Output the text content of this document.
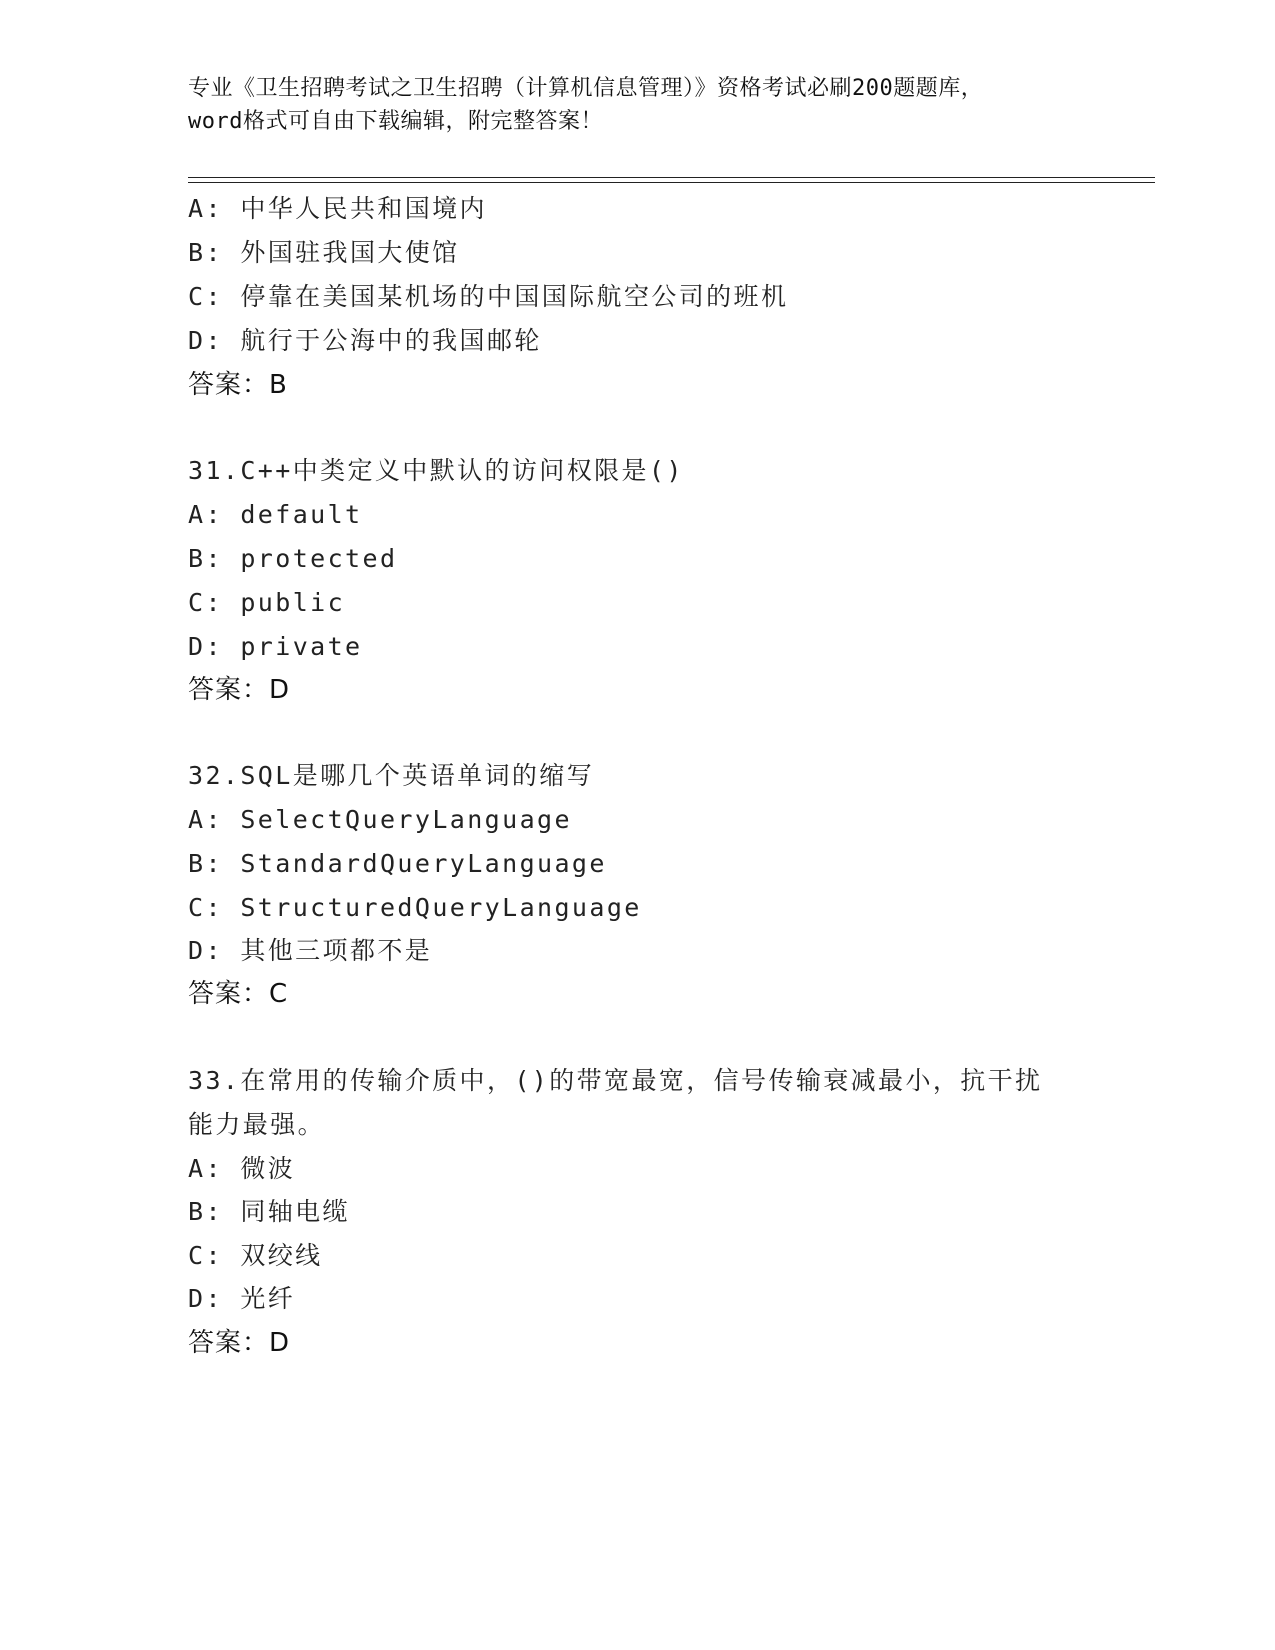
专业《卫生招聘考试之卫生招聘（计算机信息管理）》资格考试必刷200题题库，
word格式可自由下载编辑，附完整答案！
A: 中华人民共和国境内
B: 外国驻我国大使馆
C: 停靠在美国某机场的中国国际航空公司的班机
D: 航行于公海中的我国邮轮
答案：B
31.C++中类定义中默认的访问权限是()
A: default
B: protected
C: public
D: private
答案：D
32.SQL是哪几个英语单词的缩写
A: SelectQueryLanguage
B: StandardQueryLanguage
C: StructuredQueryLanguage
D: 其他三项都不是
答案：C
33.在常用的传输介质中，()的带宽最宽，信号传输衰减最小，抗干扰
能力最强。
A: 微波
B: 同轴电缆
C: 双绞线
D: 光纤
答案：D
